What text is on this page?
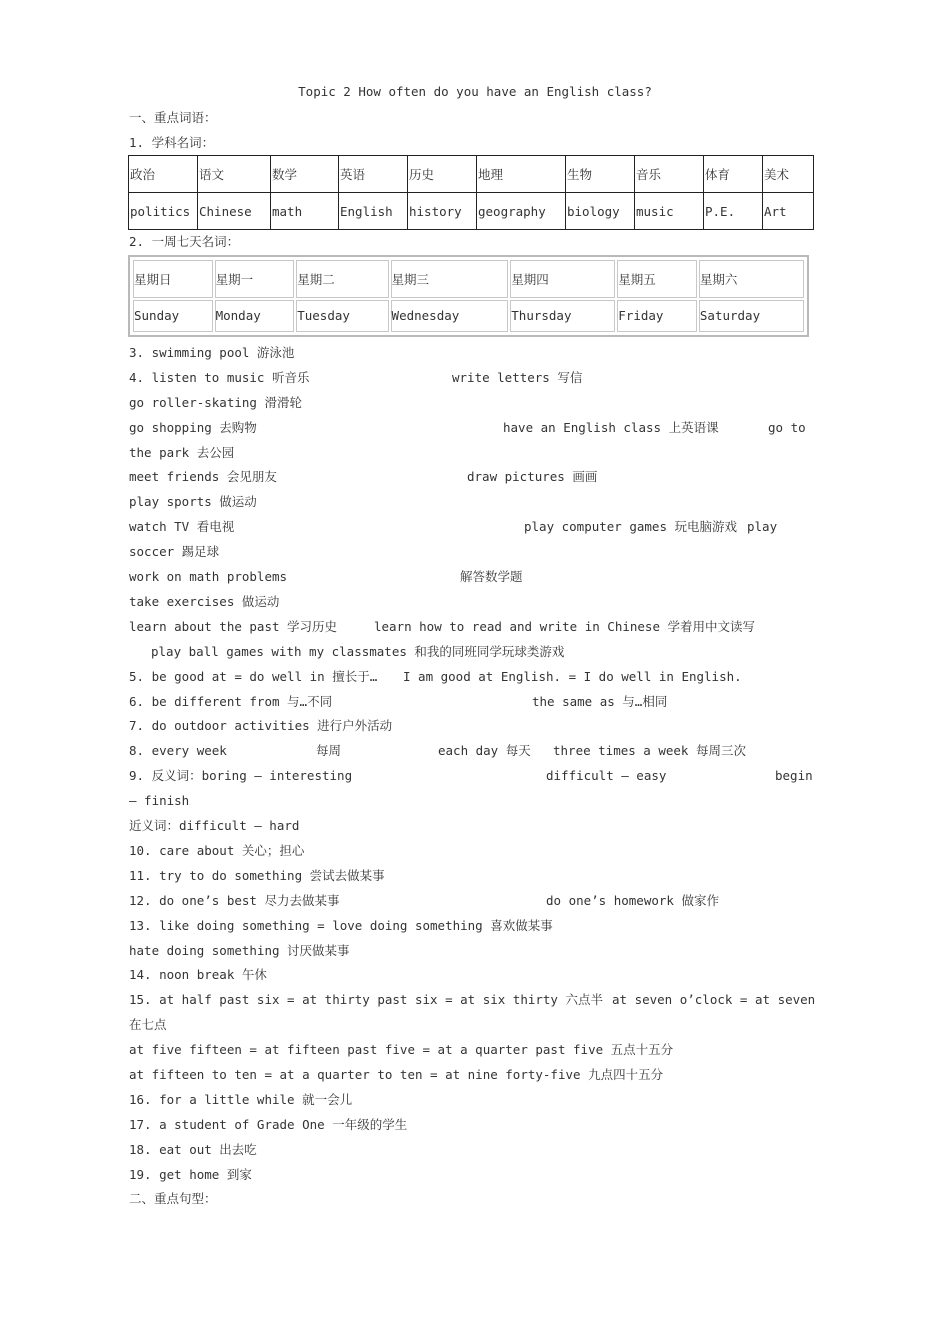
Topic 2 How often do you have an English class?
一、重点词语：
1. 学科名词：
政治	语文	数学	英语	历史	地理	生物	音乐	体育	美术
politics	Chinese	math	English	history	geography	biology	music	P.E.	Art
2. 一周七天名词：
星期日	星期一	星期二	星期三	星期四	星期五	星期六
Sunday	Monday	Tuesday	Wednesday	Thursday	Friday	Saturday
3. swimming pool 游泳池
4. listen to music 听音乐	write letters 写信
go roller-skating 滑滑轮
go shopping 去购物	have an English class 上英语课	go to
the park 去公园
meet friends 会见朋友	draw pictures 画画
play sports 做运动
watch TV 看电视	play computer games 玩电脑游戏 play
soccer 踢足球
work on math problems	解答数学题
take exercises 做运动
learn about the past 学习历史	learn how to read and write in Chinese 学着用中文读写
play ball games with my classmates 和我的同班同学玩球类游戏
5. be good at = do well in 擅长于… I am good at English. = I do well in English.
6. be different from 与…不同	the same as 与…相同
7. do outdoor activities 进行户外活动
8. every week	每周	each day 每天 three times a week 每周三次
9. 反义词：boring – interesting	difficult – easy	begin
– finish
近义词：difficult – hard
10. care about 关心；担心
11. try to do something 尝试去做某事
12. do one’s best 尽力去做某事	do one’s homework 做家作
13. like doing something = love doing something 喜欢做某事
hate doing something 讨厌做某事
14. noon break 午休
15. at half past six = at thirty past six = at six thirty 六点半 at seven o’clock = at seven
在七点
at five fifteen = at fifteen past five = at a quarter past five 五点十五分
at fifteen to ten = at a quarter to ten = at nine forty-five 九点四十五分
16. for a little while 就一会儿
17. a student of Grade One 一年级的学生
18. eat out 出去吃
19. get home 到家
二、重点句型：
